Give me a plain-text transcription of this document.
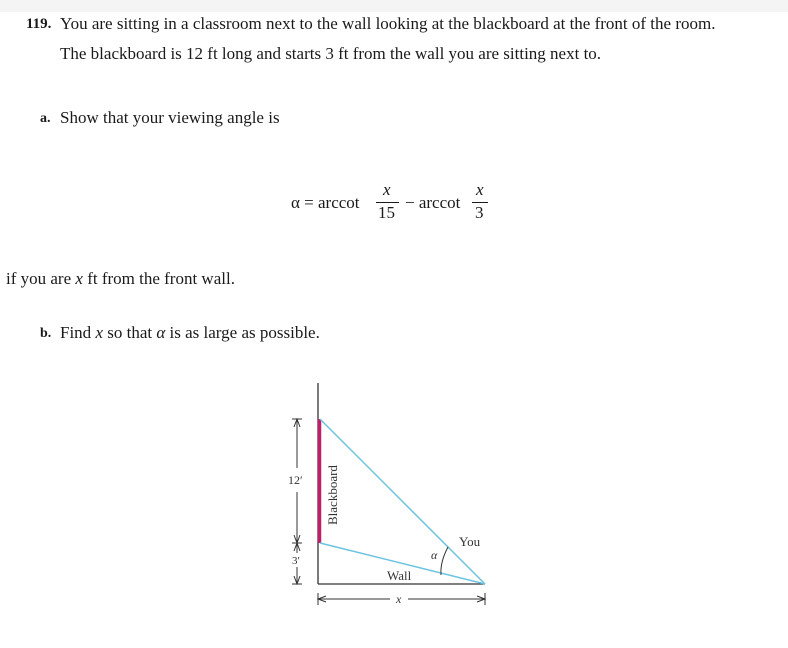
119. You are sitting in a classroom next to the wall looking at the blackboard at the front of the room.
The blackboard is 12 ft long and starts 3 ft from the wall you are sitting next to.
a. Show that your viewing angle is
α = arccot
x
15
− arccot
x
3
if you are x ft from the front wall.
b. Find x so that α is as large as possible.
12′
3′
Blackboard
Wall
You
α
x
